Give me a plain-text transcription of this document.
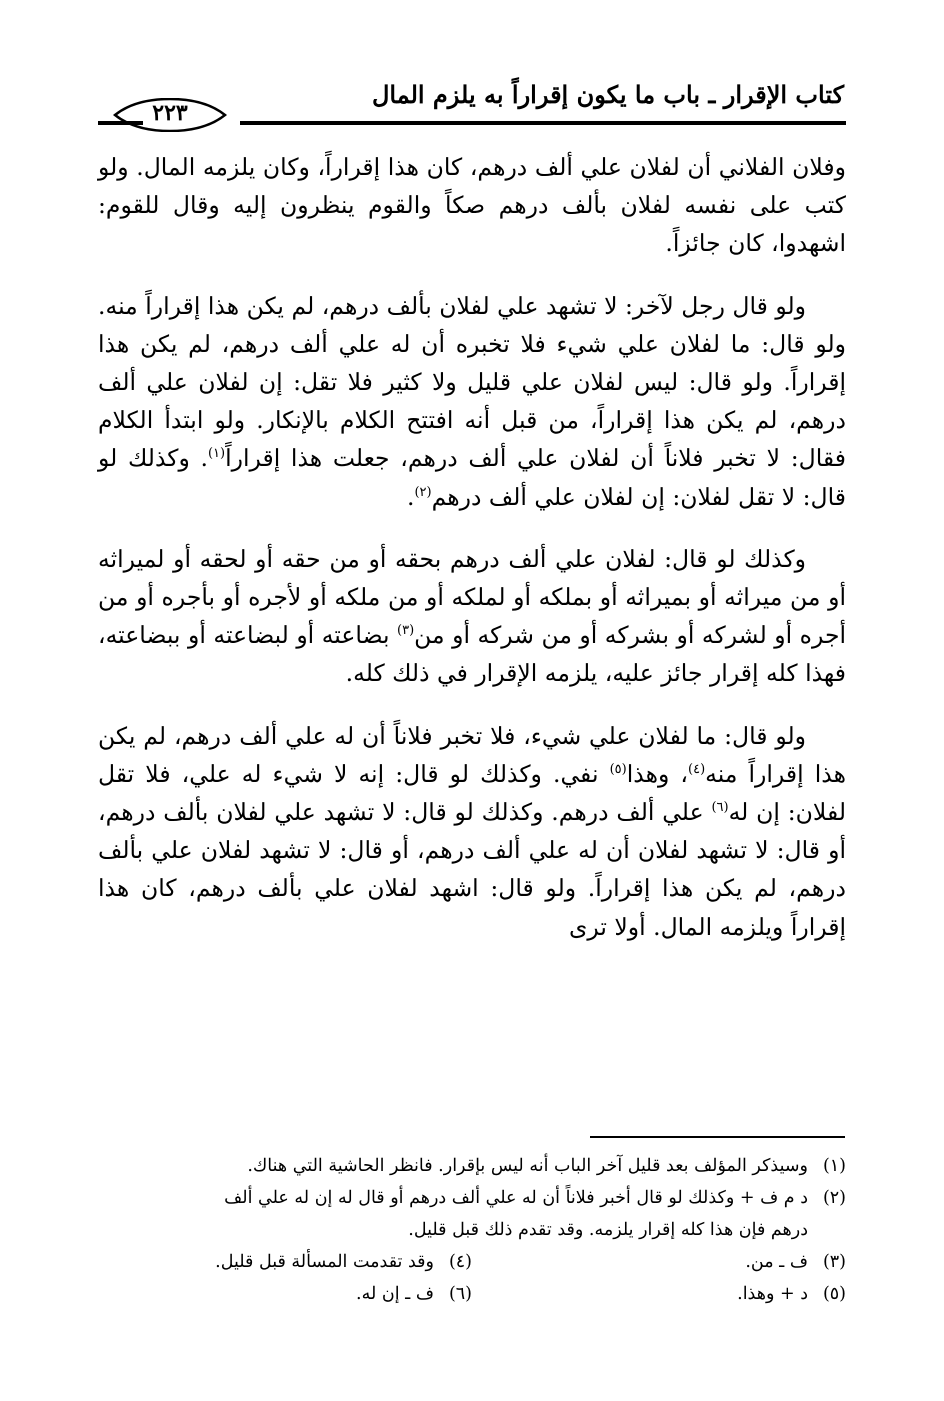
كتاب الإقرار ـ باب ما يكون إقراراً به يلزم المال
٢٢٣

وفلان الفلاني أن لفلان علي ألف درهم، كان هذا إقراراً، وكان يلزمه المال. ولو كتب على نفسه لفلان بألف درهم صكاً والقوم ينظرون إليه وقال للقوم: اشهدوا، كان جائزاً.

ولو قال رجل لآخر: لا تشهد علي لفلان بألف درهم، لم يكن هذا إقراراً منه. ولو قال: ما لفلان علي شيء فلا تخبره أن له علي ألف درهم، لم يكن هذا إقراراً. ولو قال: ليس لفلان علي قليل ولا كثير فلا تقل: إن لفلان علي ألف درهم، لم يكن هذا إقراراً، من قبل أنه افتتح الكلام بالإنكار. ولو ابتدأ الكلام فقال: لا تخبر فلاناً أن لفلان علي ألف درهم، جعلت هذا إقراراً$^{(١)}$. وكذلك لو قال: لا تقل لفلان: إن لفلان علي ألف درهم$^{(٢)}$.

وكذلك لو قال: لفلان علي ألف درهم بحقه أو من حقه أو لحقه أو لميراثه أو من ميراثه أو بميراثه أو بملكه أو لملكه أو من ملكه أو لأجره أو بأجره أو من أجره أو لشركه أو بشركه أو من شركه أو من$^{(٣)}$ بضاعته أو لبضاعته أو ببضاعته، فهذا كله إقرار جائز عليه، يلزمه الإقرار في ذلك كله.

ولو قال: ما لفلان علي شيء، فلا تخبر فلاناً أن له علي ألف درهم، لم يكن هذا إقراراً منه$^{(٤)}$، وهذا$^{(٥)}$ نفي. وكذلك لو قال: إنه لا شيء له علي، فلا تقل لفلان: إن له$^{(٦)}$ علي ألف درهم. وكذلك لو قال: لا تشهد علي لفلان بألف درهم، أو قال: لا تشهد لفلان أن له علي ألف درهم، أو قال: لا تشهد لفلان علي بألف درهم، لم يكن هذا إقراراً. ولو قال: اشهد لفلان علي بألف درهم، كان هذا إقراراً ويلزمه المال. أولا ترى

(١)وسيذكر المؤلف بعد قليل آخر الباب أنه ليس بإقرار. فانظر الحاشية التي هناك.
(٢)د م ف + وكذلك لو قال أخبر فلاناً أن له علي ألف درهم أو قال له إن له علي ألف
درهم فإن هذا كله إقرار يلزمه. وقد تقدم ذلك قبل قليل.
(٣)ف ـ من.
(٤)وقد تقدمت المسألة قبل قليل.
(٥)د + وهذا.
(٦)ف ـ إن له.
